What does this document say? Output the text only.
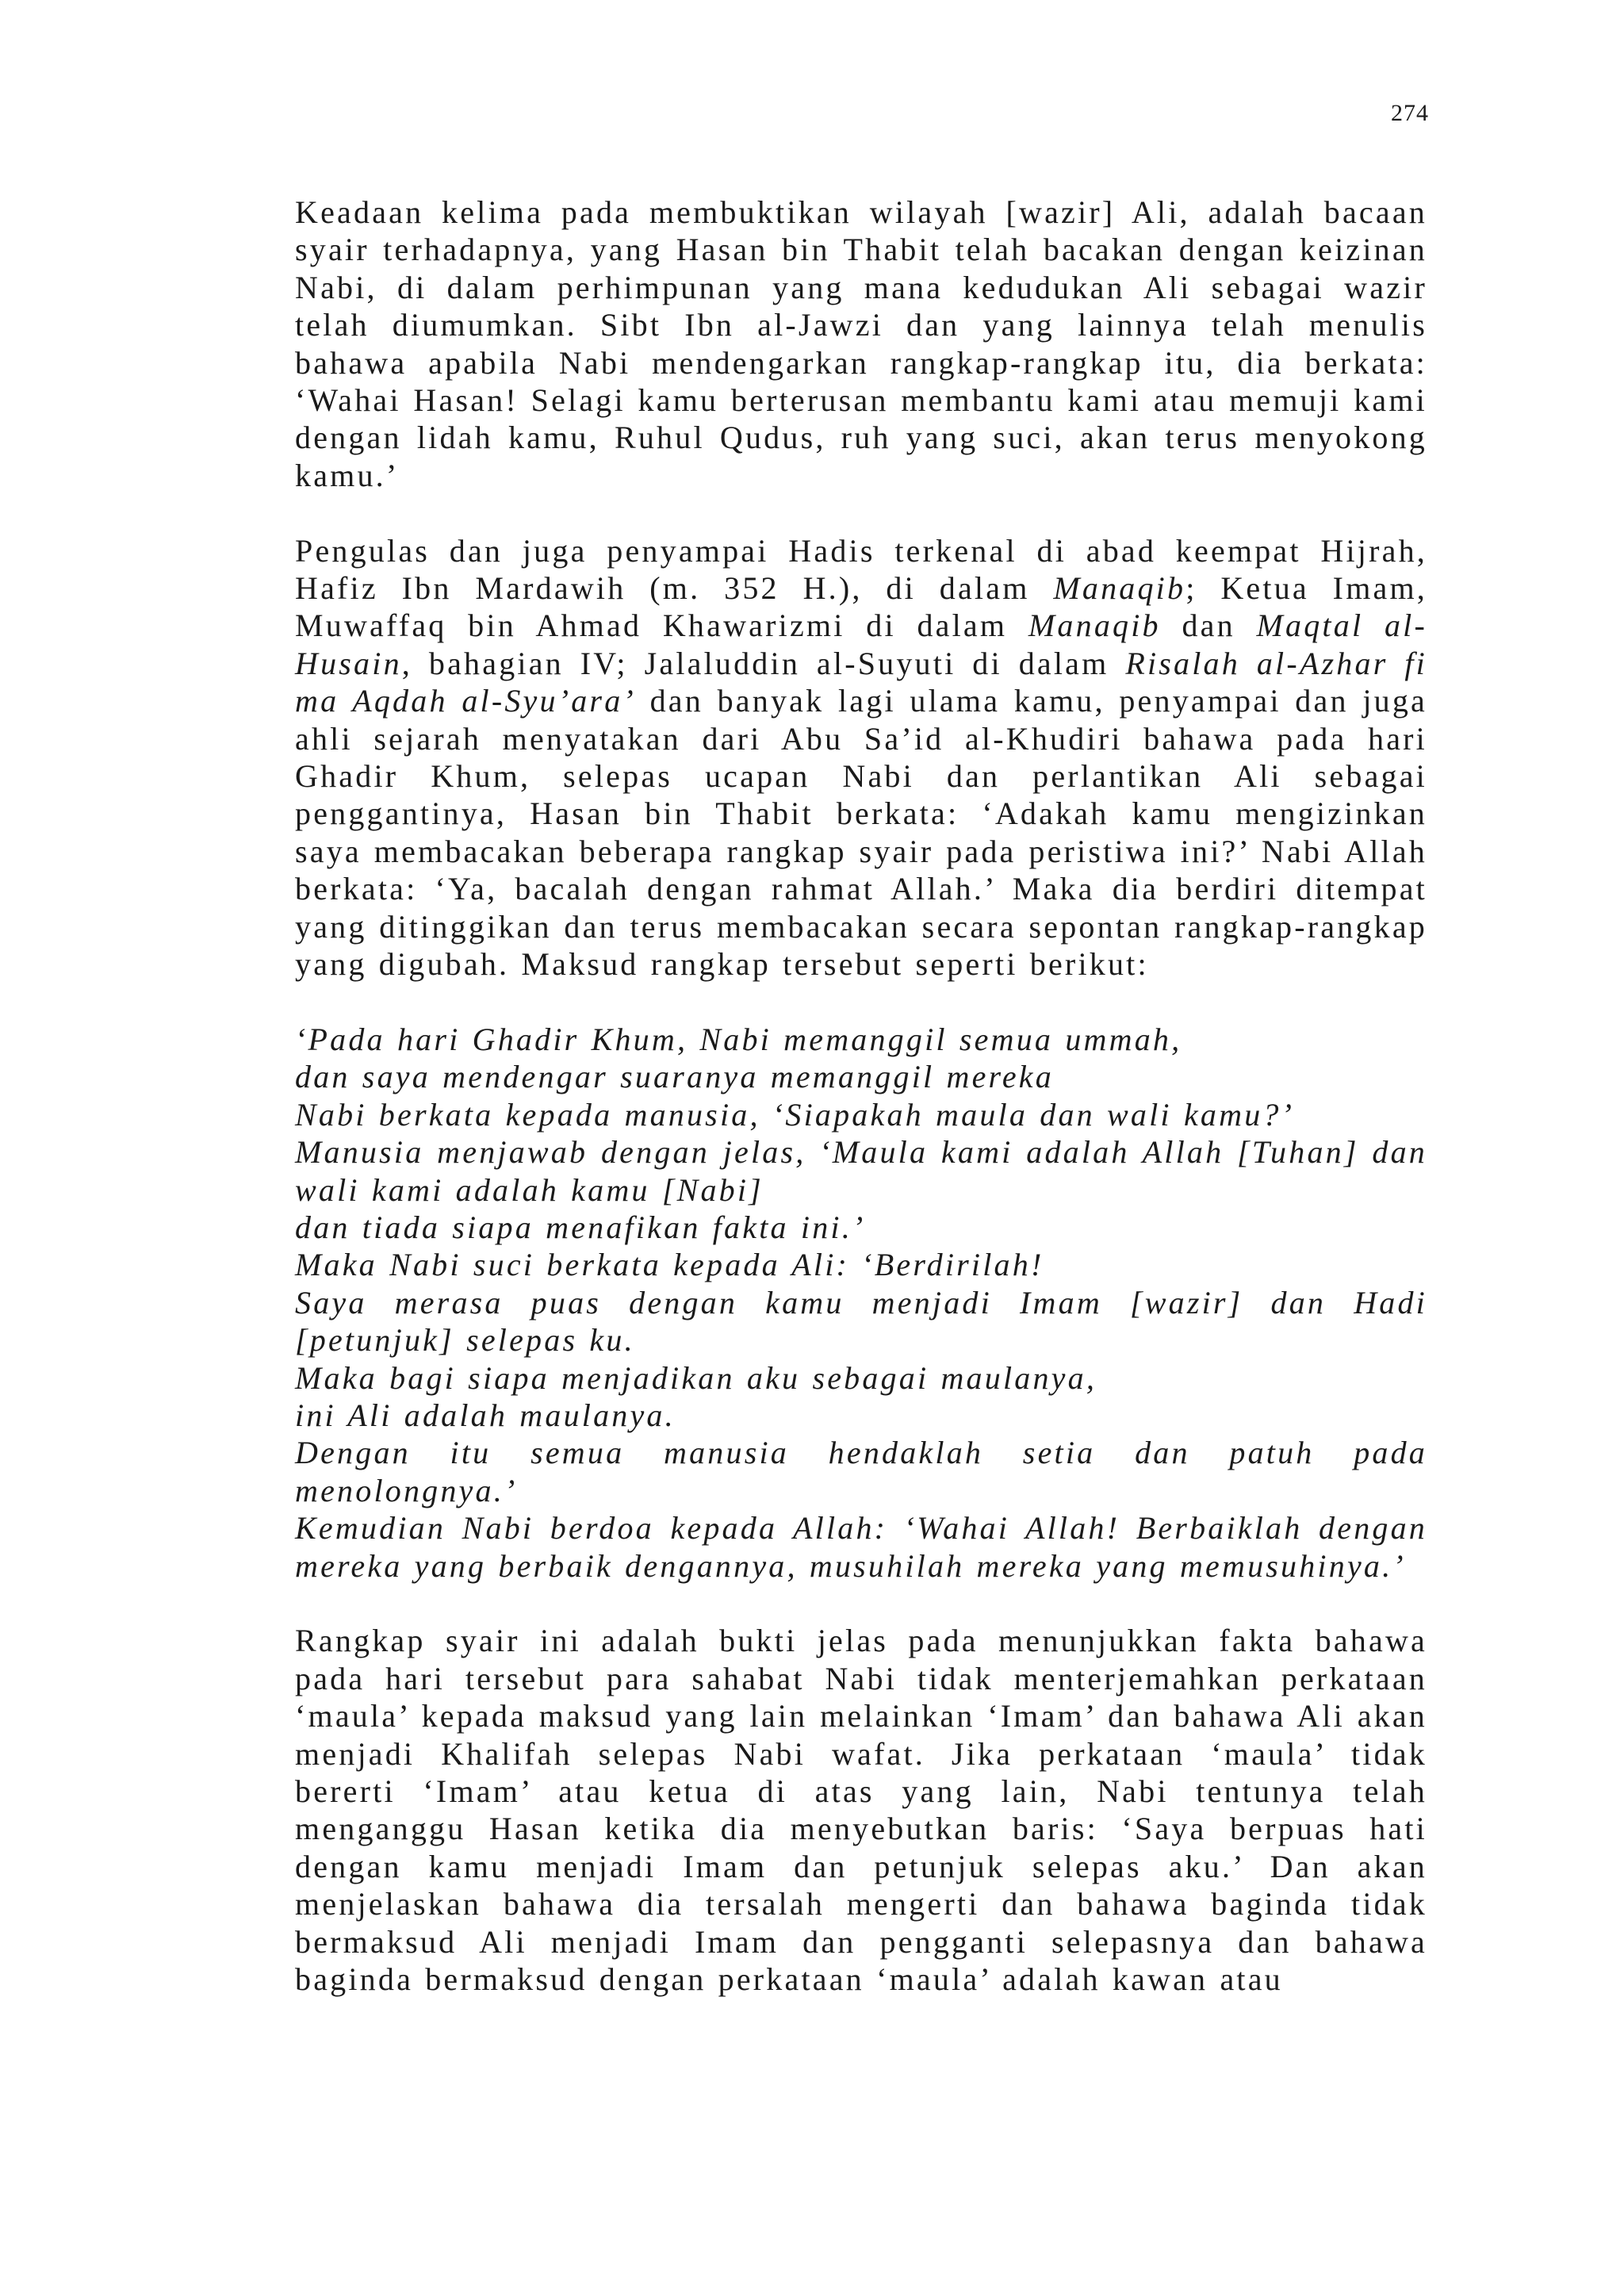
274

Keadaan kelima pada membuktikan wilayah [wazir] Ali, adalah bacaan syair terhadapnya, yang Hasan bin Thabit telah bacakan dengan keizinan Nabi, di dalam perhimpunan yang mana kedudukan Ali sebagai wazir telah diumumkan. Sibt Ibn al-Jawzi dan yang lainnya telah menulis bahawa apabila Nabi mendengarkan rangkap-rangkap itu, dia berkata: ‘Wahai Hasan! Selagi kamu berterusan membantu kami atau memuji kami dengan lidah kamu, Ruhul Qudus, ruh yang suci, akan terus menyokong kamu.’

Pengulas dan juga penyampai Hadis terkenal di abad keempat Hijrah, Hafiz Ibn Mardawih (m. 352 H.), di dalam Manaqib; Ketua Imam, Muwaffaq bin Ahmad Khawarizmi di dalam Manaqib dan Maqtal al-Husain, bahagian IV; Jalaluddin al-Suyuti di dalam Risalah al-Azhar fi ma Aqdah al-Syu’ara’ dan banyak lagi ulama kamu, penyampai dan juga ahli sejarah menyatakan dari Abu Sa’id al-Khudiri bahawa pada hari Ghadir Khum, selepas ucapan Nabi dan perlantikan Ali sebagai penggantinya, Hasan bin Thabit berkata: ‘Adakah kamu mengizinkan saya membacakan beberapa rangkap syair pada peristiwa ini?’ Nabi Allah berkata: ‘Ya, bacalah dengan rahmat Allah.’ Maka dia berdiri ditempat yang ditinggikan dan terus membacakan secara sepontan rangkap-rangkap yang digubah. Maksud rangkap tersebut seperti berikut:

‘Pada hari Ghadir Khum, Nabi memanggil semua ummah,
dan saya mendengar suaranya memanggil mereka
Nabi berkata kepada manusia, ‘Siapakah maula dan wali kamu?’
Manusia menjawab dengan jelas, ‘Maula kami adalah Allah [Tuhan] dan wali kami adalah kamu [Nabi]
dan tiada siapa menafikan fakta ini.’
Maka Nabi suci berkata kepada Ali: ‘Berdirilah!
Saya merasa puas dengan kamu menjadi Imam [wazir] dan Hadi [petunjuk] selepas ku.
Maka bagi siapa menjadikan aku sebagai maulanya,
ini Ali adalah maulanya.
Dengan itu semua manusia hendaklah setia dan patuh pada menolongnya.’
Kemudian Nabi berdoa kepada Allah: ‘Wahai Allah! Berbaiklah dengan mereka yang berbaik dengannya, musuhilah mereka yang memusuhinya.’

Rangkap syair ini adalah bukti jelas pada menunjukkan fakta bahawa pada hari tersebut para sahabat Nabi tidak menterjemahkan perkataan ‘maula’ kepada maksud yang lain melainkan ‘Imam’ dan bahawa Ali akan menjadi Khalifah selepas Nabi wafat. Jika perkataan ‘maula’ tidak bererti ‘Imam’ atau ketua di atas yang lain, Nabi tentunya telah menganggu Hasan ketika dia menyebutkan baris: ‘Saya berpuas hati dengan kamu menjadi Imam dan petunjuk selepas aku.’ Dan akan menjelaskan bahawa dia tersalah mengerti dan bahawa baginda tidak bermaksud Ali menjadi Imam dan pengganti selepasnya dan bahawa baginda bermaksud dengan perkataan ‘maula’ adalah kawan atau
